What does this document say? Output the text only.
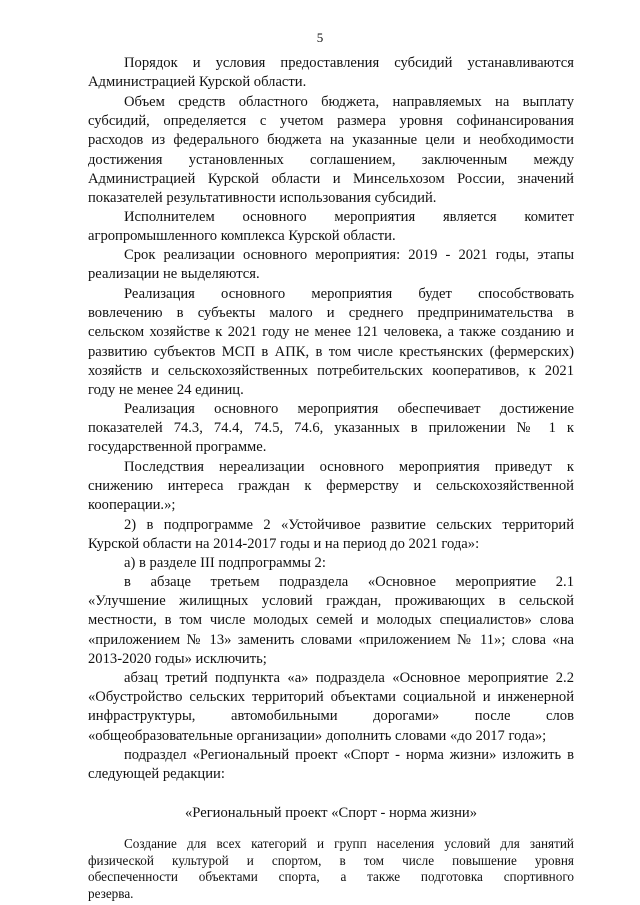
5
Порядок и условия предоставления субсидий устанавливаются
Администрацией Курской области.
Объем средств областного бюджета, направляемых на выплату
субсидий, определяется с учетом размера уровня софинансирования
расходов из федерального бюджета на указанные цели и необходимости
достижения установленных соглашением, заключенным между
Администрацией Курской области и Минсельхозом России, значений
показателей результативности использования субсидий.
Исполнителем основного мероприятия является комитет
агропромышленного комплекса Курской области.
Срок реализации основного мероприятия: 2019 - 2021 годы, этапы
реализации не выделяются.
Реализация основного мероприятия будет способствовать
вовлечению в субъекты малого и среднего предпринимательства в
сельском хозяйстве к 2021 году не менее 121 человека, а также созданию и
развитию субъектов МСП в АПК, в том числе крестьянских (фермерских)
хозяйств и сельскохозяйственных потребительских кооперативов, к 2021
году не менее 24 единиц.
Реализация основного мероприятия обеспечивает достижение
показателей 74.3, 74.4, 74.5, 74.6, указанных в приложении № 1 к
государственной программе.
Последствия нереализации основного мероприятия приведут к
снижению интереса граждан к фермерству и сельскохозяйственной
кооперации.»;
2) в подпрограмме 2 «Устойчивое развитие сельских территорий
Курской области на 2014-2017 годы и на период до 2021 года»:
а) в разделе III подпрограммы 2:
в абзаце третьем подраздела «Основное мероприятие 2.1
«Улучшение жилищных условий граждан, проживающих в сельской
местности, в том числе молодых семей и молодых специалистов» слова
«приложением № 13» заменить словами «приложением № 11»; слова «на
2013-2020 годы» исключить;
абзац третий подпункта «а» подраздела «Основное мероприятие 2.2
«Обустройство сельских территорий объектами социальной и инженерной
инфраструктуры, автомобильными дорогами» после слов
«общеобразовательные организации» дополнить словами «до 2017 года»;
подраздел «Региональный проект «Спорт - норма жизни» изложить в
следующей редакции:
«Региональный проект «Спорт - норма жизни»
Создание для всех категорий и групп населения условий для занятий
физической культурой и спортом, в том числе повышение уровня
обеспеченности объектами спорта, а также подготовка спортивного
резерва.
